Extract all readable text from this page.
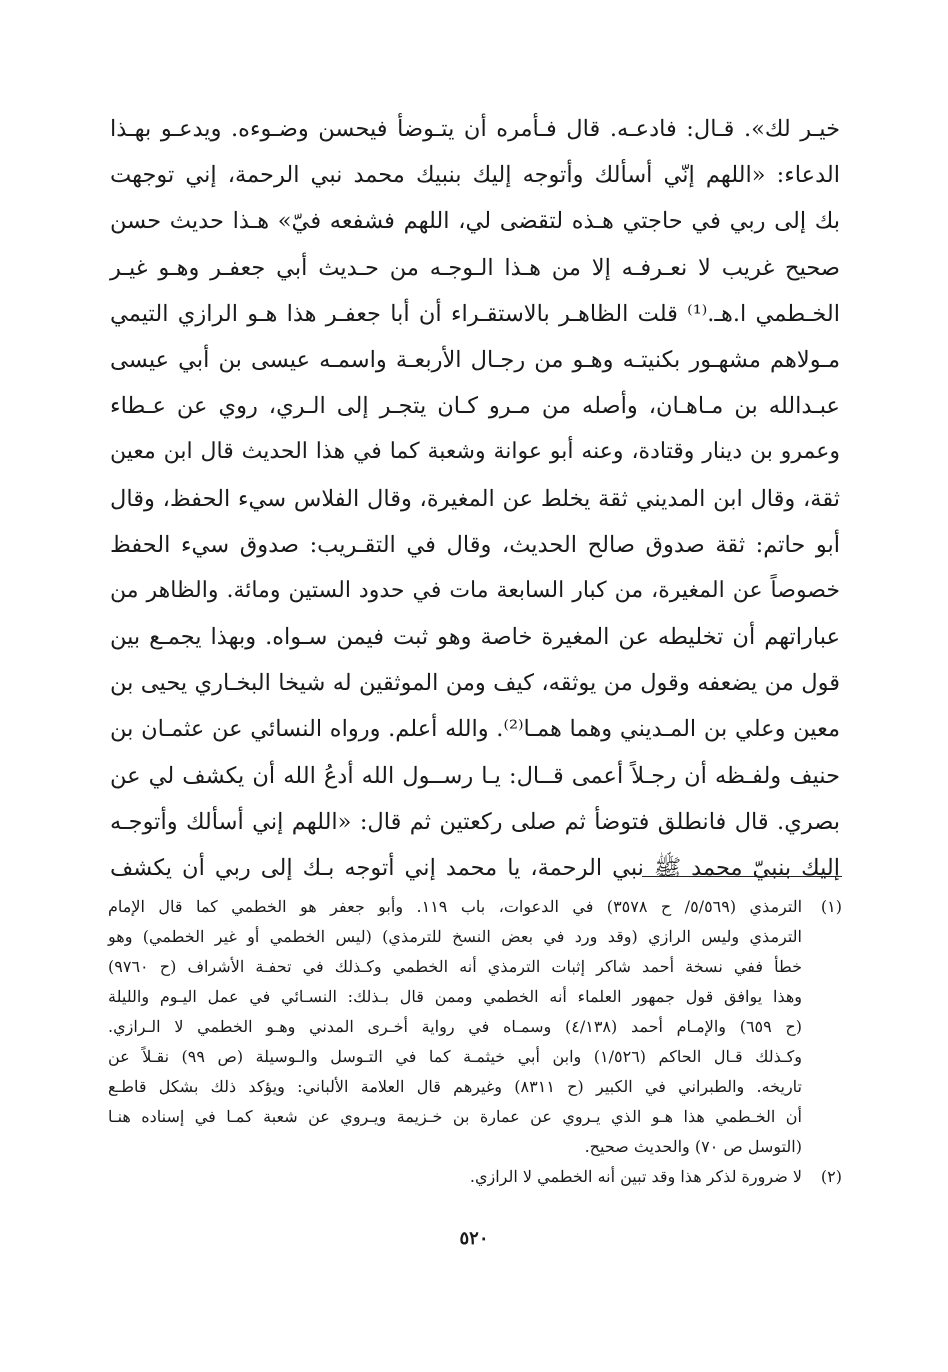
خيـر لك». قـال: فادعـه. قال فـأمره أن يتـوضأ فيحسن وضـوءه. ويدعـو بهـذا
الدعاء: «اللهم إنّي أسألك وأتوجه إليك بنبيك محمد نبي الرحمة، إني توجهت
بك إلى ربي في حاجتي هـذه لتقضى لي، اللهم فشفعه فيّ» هـذا حديث حسن
صحيح غريب لا نعـرفـه إلا من هـذا الـوجـه من حـديث أبي جعفـر وهـو غيـر
الخـطمي ا.هـ.⁽¹⁾ قلت الظاهـر بالاستقـراء أن أبا جعفـر هذا هـو الرازي التيمي
مـولاهم مشهـور بكنيتـه وهـو من رجـال الأربعـة واسمـه عيسى بن أبي عيسى
عبـدالله بن مـاهـان، وأصله من مـرو كـان يتجـر إلى الـري، روي عن عـطاء
وعمرو بن دينار وقتادة، وعنه أبو عوانة وشعبة كما في هذا الحديث قال ابن معين
ثقة، وقال ابن المديني ثقة يخلط عن المغيرة، وقال الفلاس سيء الحفظ، وقال
أبو حاتم: ثقة صدوق صالح الحديث، وقال في التقـريب: صدوق سيء الحفظ
خصوصاً عن المغيرة، من كبار السابعة مات في حدود الستين ومائة. والظاهر من
عباراتهم أن تخليطه عن المغيرة خاصة وهو ثبت فيمن سـواه. وبهذا يجمـع بين
قول من يضعفه وقول من يوثقه، كيف ومن الموثقين له شيخا البخـاري يحيى بن
معين وعلي بن المـديني وهما همـا⁽²⁾. والله أعلم. ورواه النسائي عن عثمـان بن
حنيف ولفـظه أن رجـلاً أعمى قــال: يـا رســول الله أدعُ الله أن يكشف لي عن
بصري. قال فانطلق فتوضأ ثم صلى ركعتين ثم قال: «اللهم إني أسألك وأتوجـه
إليك بنبيّ محمد ﷺ نبي الرحمة، يا محمد إني أتوجه بـك إلى ربي أن يكشف
(١)
الترمذي (٥/٥٦٩/ ح ٣٥٧٨) في الدعوات، باب ١١٩. وأبو جعفر هو الخطمي كما قال الإمام
الترمذي وليس الرازي (وقد ورد في بعض النسخ للترمذي) (ليس الخطمي أو غير الخطمي) وهو
خطأ ففي نسخة أحمد شاكر إثبات الترمذي أنه الخطمي وكـذلك في تحفـة الأشراف (ح ٩٧٦٠)
وهذا يوافق قول جمهور العلماء أنه الخطمي وممن قال بـذلك: النسـائي في عمل اليـوم والليلة
(ح ٦٥٩) والإمـام أحمد (٤/١٣٨) وسمـاه في رواية أخـرى المدني وهـو الخطمي لا الـرازي.
وكـذلك قـال الحاكم (١/٥٢٦) وابن أبي خيثمـة كما في التـوسل والـوسيلة (ص ٩٩) نقـلاً عن
تاريخه. والطبراني في الكبير (ح ٨٣١١) وغيرهم قال العلامة الألباني: ويؤكد ذلك بشكل قاطـع
أن الخـطمي هذا هـو الذي يـروي عن عمارة بن خـزيمة ويـروي عن شعبة كمـا في إسناده هنـا
(التوسل ص ٧٠) والحديث صحيح.
(٢)
لا ضرورة لذكر هذا وقد تبين أنه الخطمي لا الرازي.
٥٢٠
